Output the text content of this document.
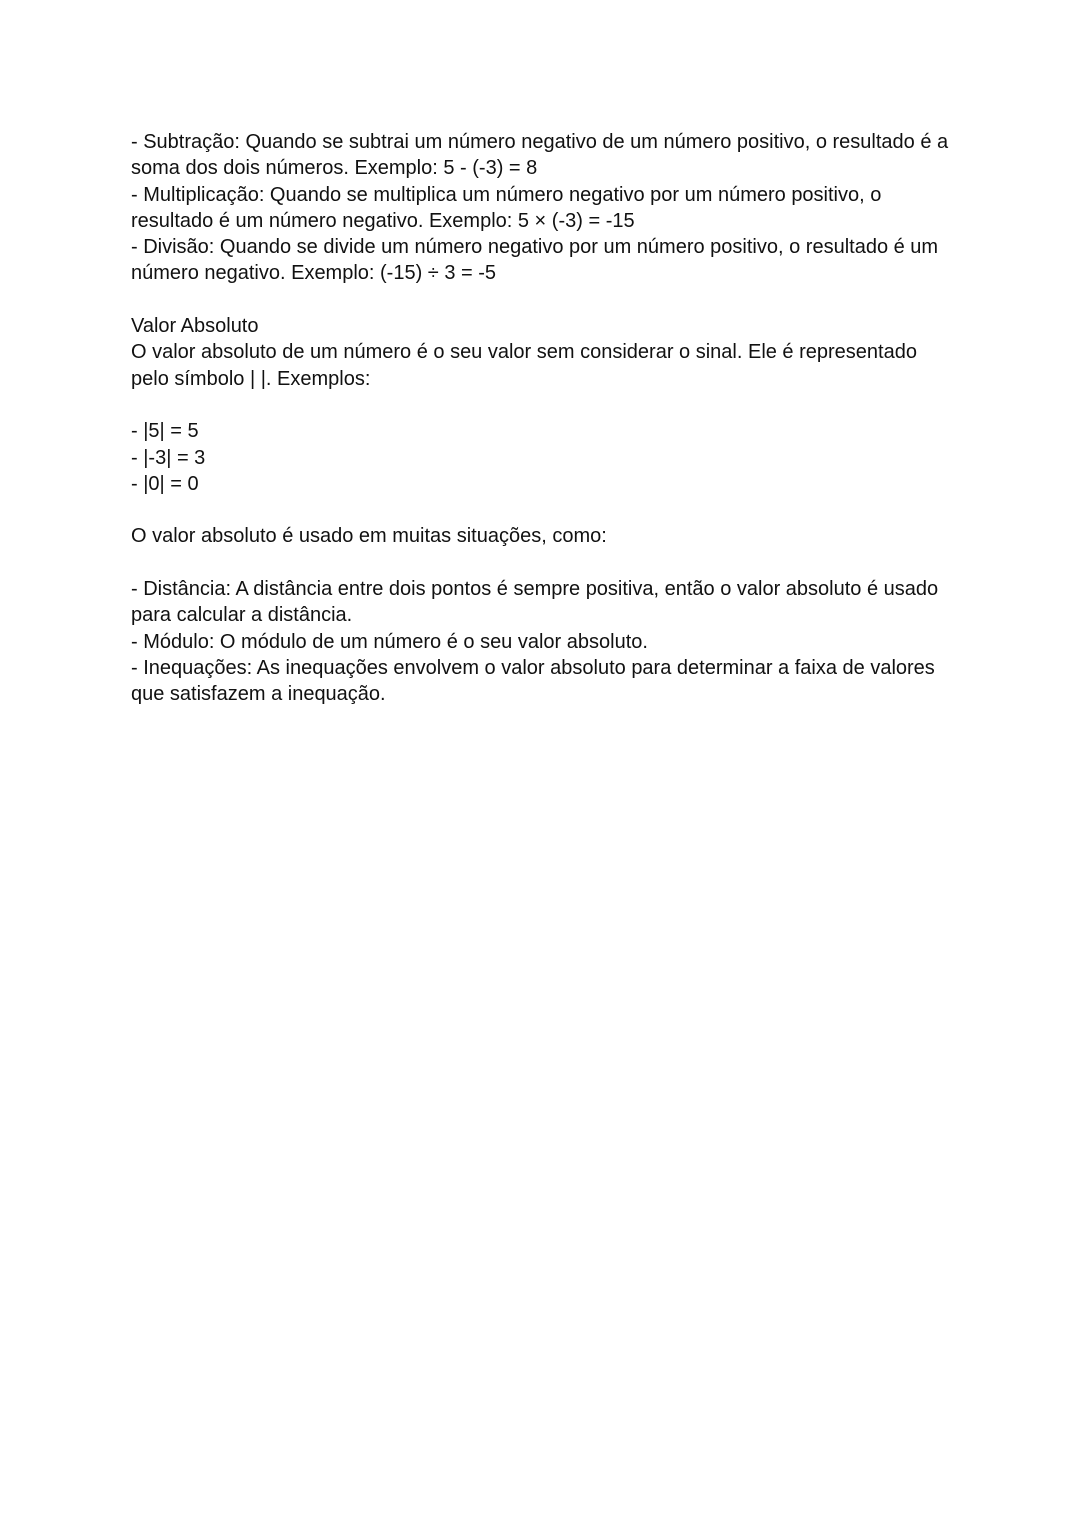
- Subtração: Quando se subtrai um número negativo de um número positivo, o resultado é a
soma dos dois números. Exemplo: 5 - (-3) = 8
- Multiplicação: Quando se multiplica um número negativo por um número positivo, o
resultado é um número negativo. Exemplo: 5 × (-3) = -15
- Divisão: Quando se divide um número negativo por um número positivo, o resultado é um
número negativo. Exemplo: (-15) ÷ 3 = -5
Valor Absoluto
O valor absoluto de um número é o seu valor sem considerar o sinal. Ele é representado
pelo símbolo | |. Exemplos:
- |5| = 5
- |-3| = 3
- |0| = 0
O valor absoluto é usado em muitas situações, como:
- Distância: A distância entre dois pontos é sempre positiva, então o valor absoluto é usado
para calcular a distância.
- Módulo: O módulo de um número é o seu valor absoluto.
- Inequações: As inequações envolvem o valor absoluto para determinar a faixa de valores
que satisfazem a inequação.
